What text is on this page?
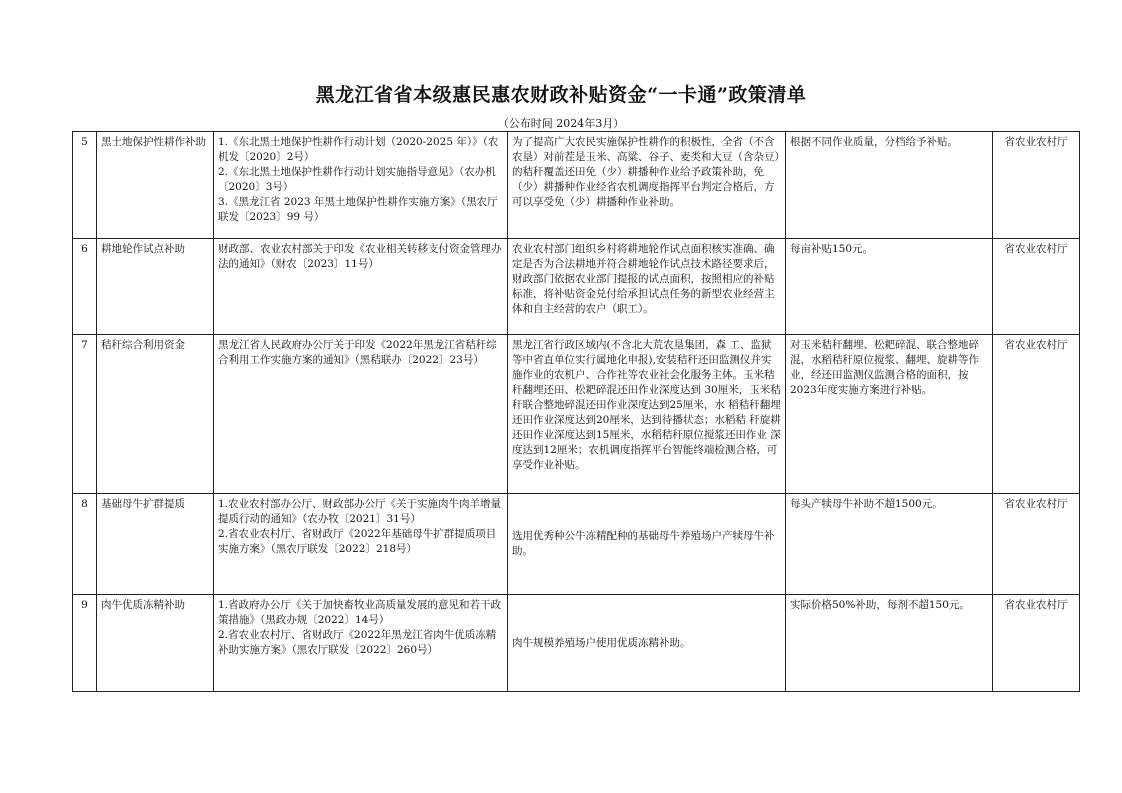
黑龙江省省本级惠民惠农财政补贴资金“一卡通”政策清单
（公布时间 2024年3月）
5	黑土地保护性耕作补助	1.《东北黑土地保护性耕作行动计划（2020-2025 年）》（农机发〔2020〕2号）
2.《东北黑土地保护性耕作行动计划实施指导意见》（农办机〔2020〕3号）
3.《黑龙江省 2023 年黑土地保护性耕作实施方案》（黑农厅联发〔2023〕99 号）	为了提高广大农民实施保护性耕作的积极性，全省（不含农垦）对前茬是玉米、高粱、谷子、麦类和大豆（含杂豆）的秸秆覆盖还田免（少）耕播种作业给予政策补助，免（少）耕播种作业经省农机调度指挥平台判定合格后，方可以享受免（少）耕播种作业补助。	根据不同作业质量，分档给予补贴。	省农业农村厅
6	耕地轮作试点补助	财政部、农业农村部关于印发《农业相关转移支付资金管理办法的通知》（财农〔2023〕11号）	农业农村部门组织乡村将耕地轮作试点面积核实准确、确定是否为合法耕地并符合耕地轮作试点技术路径要求后，财政部门依据农业部门提报的试点面积，按照相应的补贴标准，将补贴资金兑付给承担试点任务的新型农业经营主体和自主经营的农户（职工）。	每亩补贴150元。	省农业农村厅
7	秸秆综合利用资金	黑龙江省人民政府办公厅关于印发《2022年黑龙江省秸秆综合利用工作实施方案的通知》（黑秸联办〔2022〕23号）	黑龙江省行政区域内(不含北大荒农垦集团，森 工、监狱等中省直单位实行属地化申报),安装秸秆还田监测仪并实施作业的农机户、合作社等农业社会化服务主体。玉米秸秆翻埋还田、松耙碎混还田作业深度达到 30厘米，玉米秸秆联合整地碎混还田作业深度达到25厘米，水 稻秸秆翻埋还田作业深度达到20厘米，达到待播状态；水稻秸 秆旋耕还田作业深度达到15厘米，水稻秸秆原位搅浆还田作业 深度达到12厘米；农机调度指挥平台智能终端检测合格，可享受作业补贴。	对玉米秸秆翻埋、松耙碎混、联合整地碎混，水稻秸秆原位搅浆、翻埋、旋耕等作业，经还田监测仪监测合格的面积，按2023年度实施方案进行补贴。	省农业农村厅
8	基础母牛扩群提质	1.农业农村部办公厅、财政部办公厅《关于实施肉牛肉羊增量提质行动的通知》（农办牧〔2021〕31号）
2.省农业农村厅、省财政厅《2022年基础母牛扩群提质项目实施方案》（黑农厅联发〔2022〕218号）	选用优秀种公牛冻精配种的基础母牛养殖场户产犊母牛补助。	每头产犊母牛补助不超1500元。	省农业农村厅
9	肉牛优质冻精补助	1.省政府办公厅《关于加快畜牧业高质量发展的意见和若干政策措施》（黑政办规〔2022〕14号）
2.省农业农村厅、省财政厅《2022年黑龙江省肉牛优质冻精补助实施方案》（黑农厅联发〔2022〕260号）	肉牛规模养殖场户使用优质冻精补助。	实际价格50%补助，每剂不超150元。	省农业农村厅
